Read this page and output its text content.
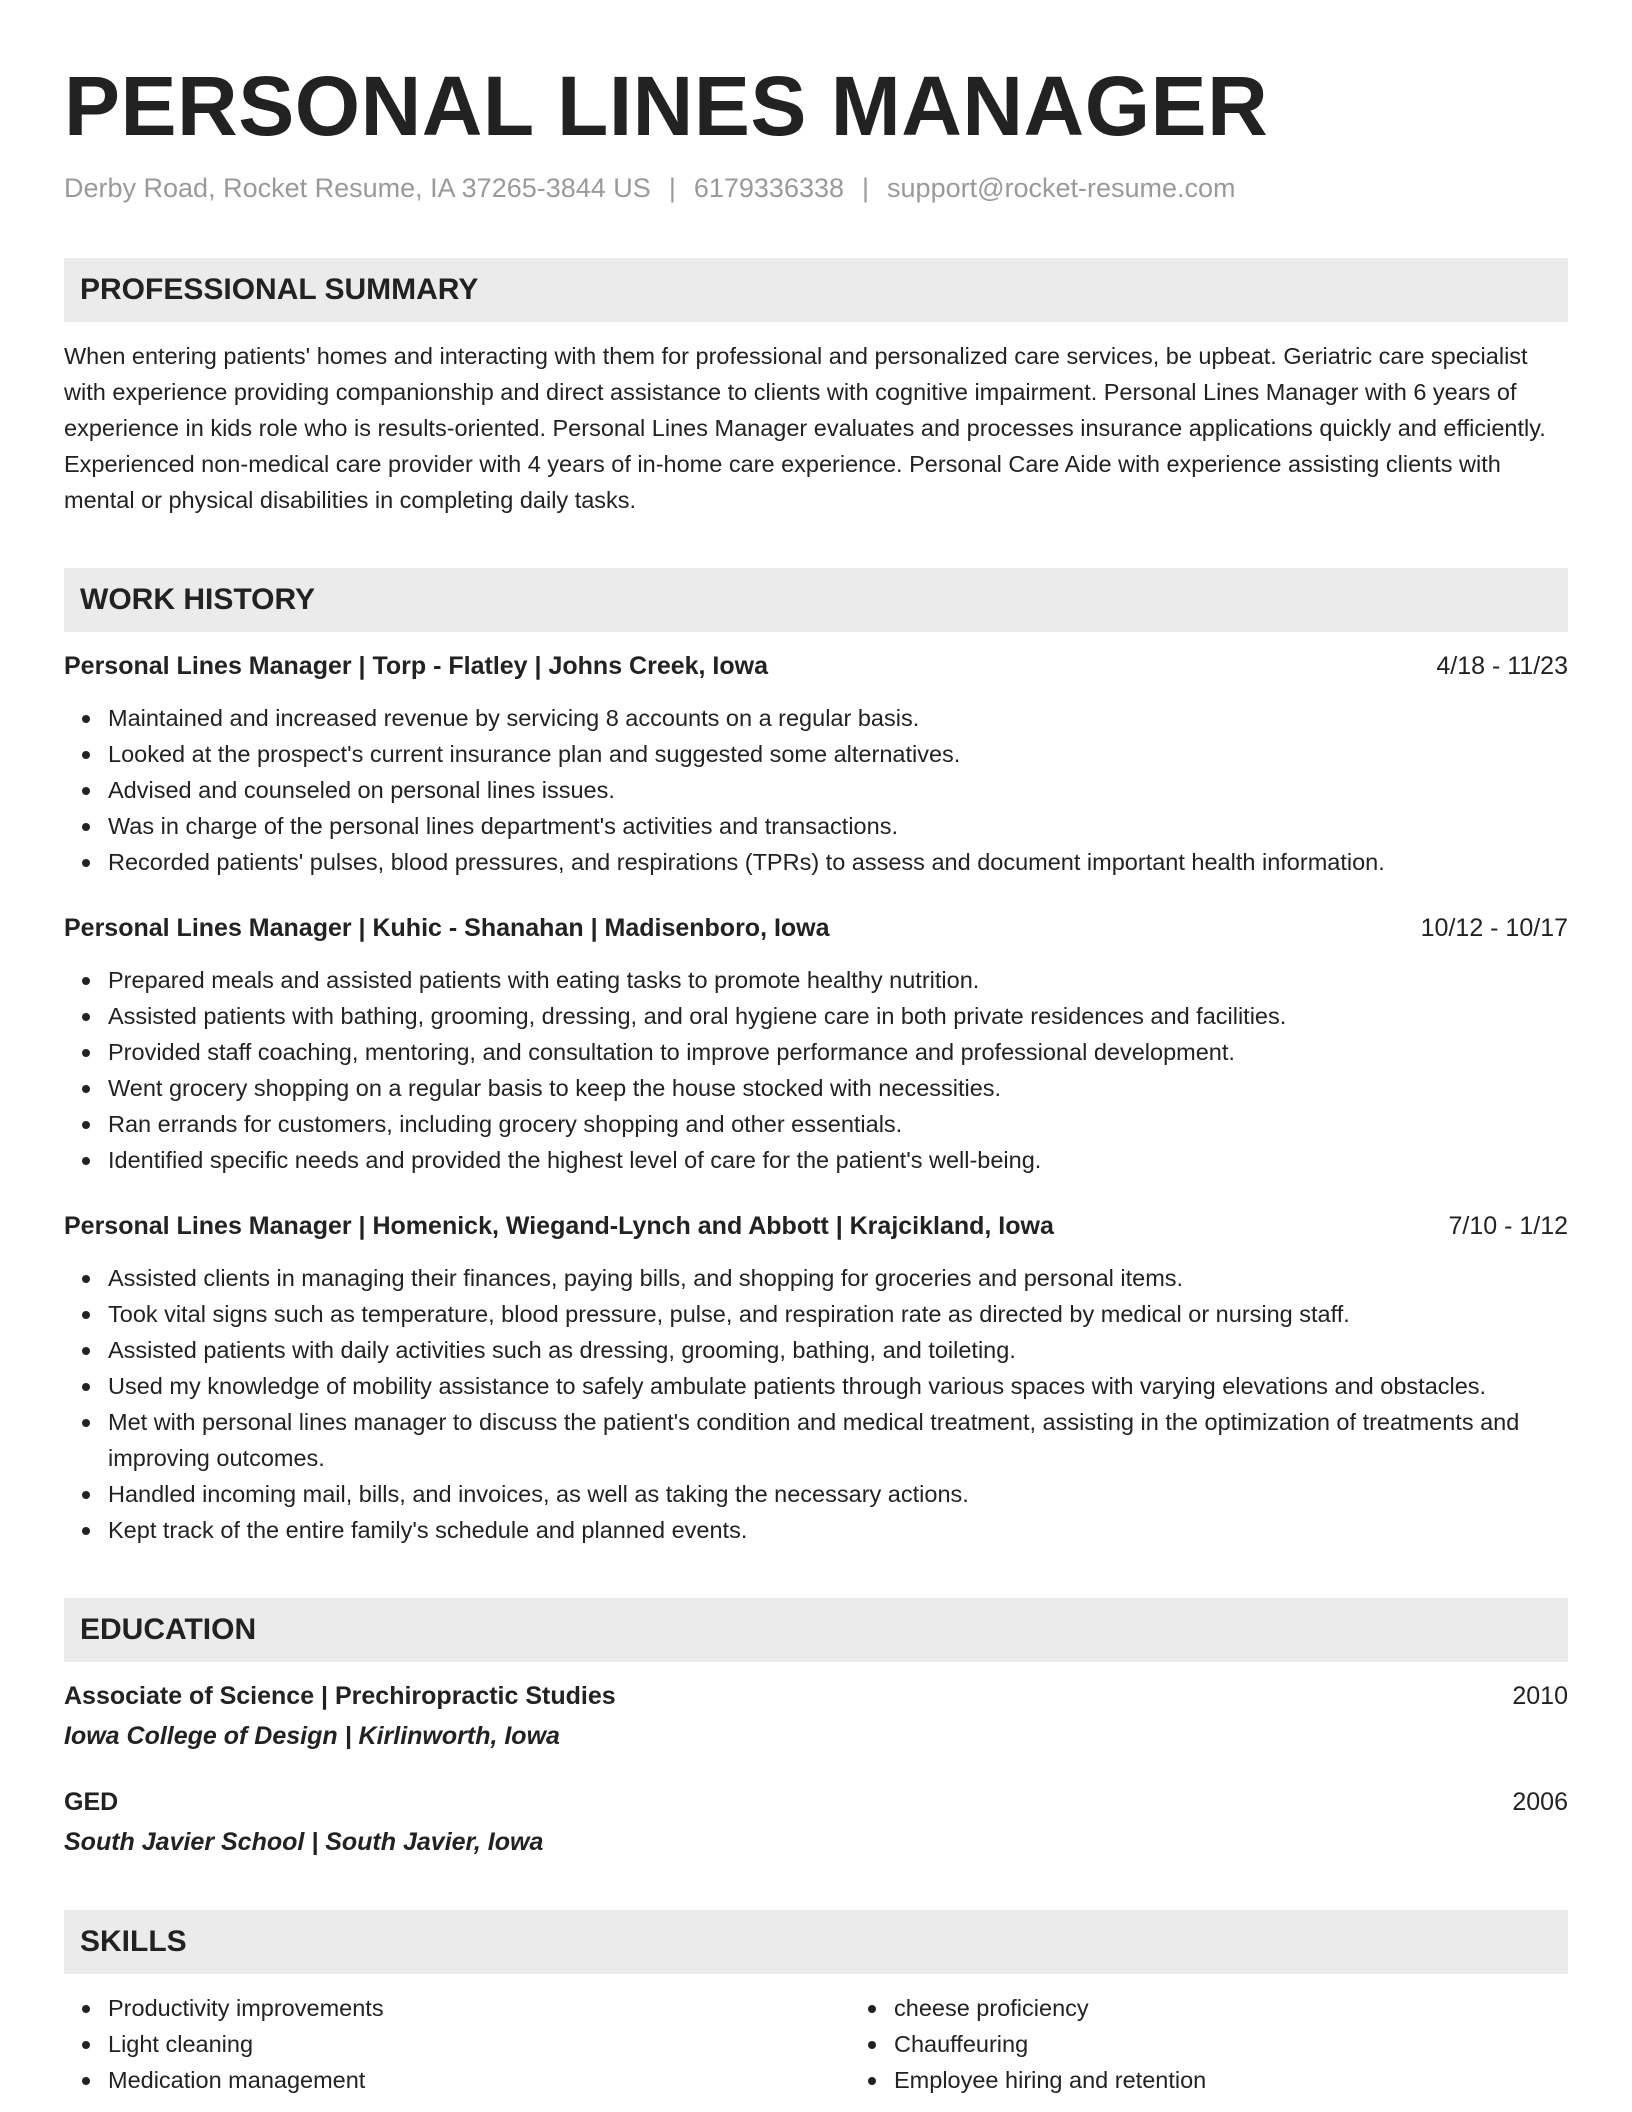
PERSONAL LINES MANAGER
Derby Road, Rocket Resume, IA 37265-3844 US | 6179336338 | support@rocket-resume.com
PROFESSIONAL SUMMARY
When entering patients' homes and interacting with them for professional and personalized care services, be upbeat. Geriatric care specialist with experience providing companionship and direct assistance to clients with cognitive impairment. Personal Lines Manager with 6 years of experience in kids role who is results-oriented. Personal Lines Manager evaluates and processes insurance applications quickly and efficiently. Experienced non-medical care provider with 4 years of in-home care experience. Personal Care Aide with experience assisting clients with mental or physical disabilities in completing daily tasks.
WORK HISTORY
Personal Lines Manager | Torp - Flatley | Johns Creek, Iowa	4/18 - 11/23
Maintained and increased revenue by servicing 8 accounts on a regular basis.
Looked at the prospect's current insurance plan and suggested some alternatives.
Advised and counseled on personal lines issues.
Was in charge of the personal lines department's activities and transactions.
Recorded patients' pulses, blood pressures, and respirations (TPRs) to assess and document important health information.
Personal Lines Manager | Kuhic - Shanahan | Madisenboro, Iowa	10/12 - 10/17
Prepared meals and assisted patients with eating tasks to promote healthy nutrition.
Assisted patients with bathing, grooming, dressing, and oral hygiene care in both private residences and facilities.
Provided staff coaching, mentoring, and consultation to improve performance and professional development.
Went grocery shopping on a regular basis to keep the house stocked with necessities.
Ran errands for customers, including grocery shopping and other essentials.
Identified specific needs and provided the highest level of care for the patient's well-being.
Personal Lines Manager | Homenick, Wiegand-Lynch and Abbott | Krajcikland, Iowa	7/10 - 1/12
Assisted clients in managing their finances, paying bills, and shopping for groceries and personal items.
Took vital signs such as temperature, blood pressure, pulse, and respiration rate as directed by medical or nursing staff.
Assisted patients with daily activities such as dressing, grooming, bathing, and toileting.
Used my knowledge of mobility assistance to safely ambulate patients through various spaces with varying elevations and obstacles.
Met with personal lines manager to discuss the patient's condition and medical treatment, assisting in the optimization of treatments and improving outcomes.
Handled incoming mail, bills, and invoices, as well as taking the necessary actions.
Kept track of the entire family's schedule and planned events.
EDUCATION
Associate of Science | Prechiropractic Studies	2010
Iowa College of Design | Kirlinworth, Iowa
GED	2006
South Javier School | South Javier, Iowa
SKILLS
Productivity improvements
Light cleaning
Medication management
cheese proficiency
Chauffeuring
Employee hiring and retention
